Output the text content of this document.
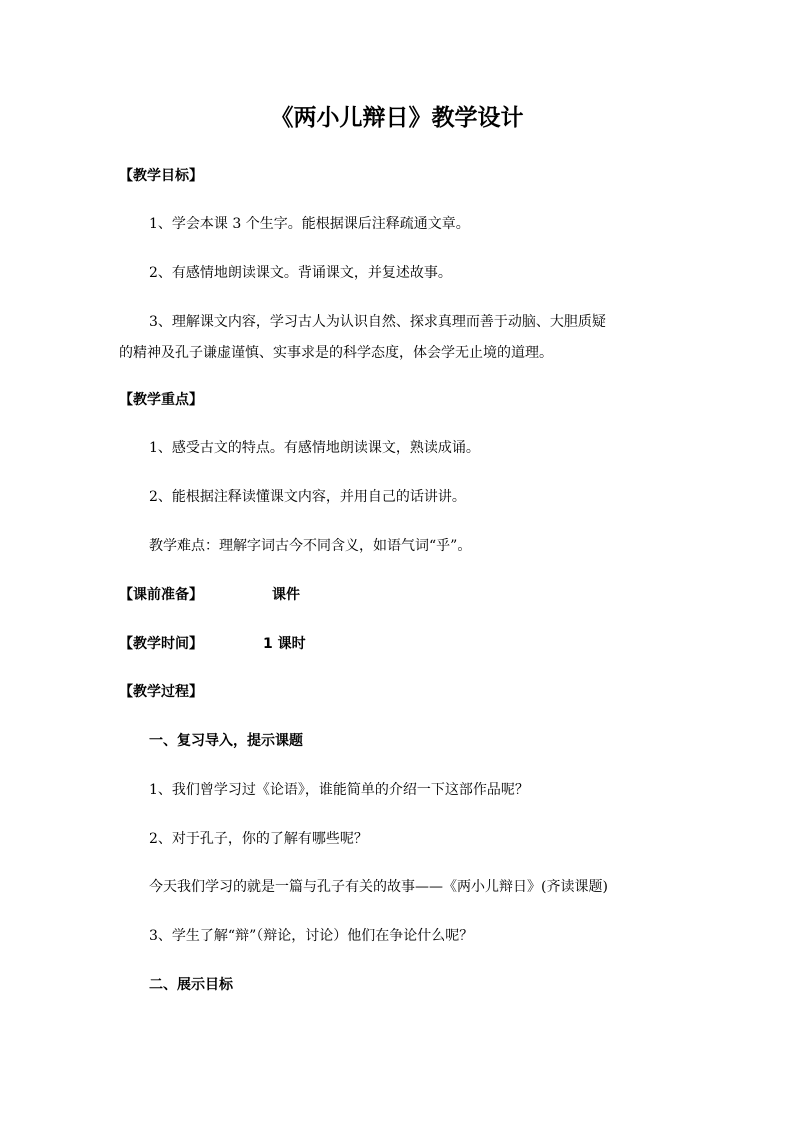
《两小儿辩日》教学设计
【教学目标】
1、学会本课 3 个生字。能根据课后注释疏通文章。
2、有感情地朗读课文。背诵课文，并复述故事。
3、理解课文内容，学习古人为认识自然、探求真理而善于动脑、大胆质疑
的精神及孔子谦虚谨慎、实事求是的科学态度，体会学无止境的道理。
【教学重点】
1、感受古文的特点。有感情地朗读课文，熟读成诵。
2、能根据注释读懂课文内容，并用自己的话讲讲。
教学难点：理解字词古今不同含义，如语气词“乎”。
【课前准备】	课件
【教学时间】	1 课时
【教学过程】
一、复习导入，提示课题
1、我们曾学习过《论语》，谁能简单的介绍一下这部作品呢？
2、对于孔子，你的了解有哪些呢？
今天我们学习的就是一篇与孔子有关的故事——《两小儿辩日》(齐读课题)
3、学生了解“辩”（辩论，讨论）他们在争论什么呢？
二、展示目标
